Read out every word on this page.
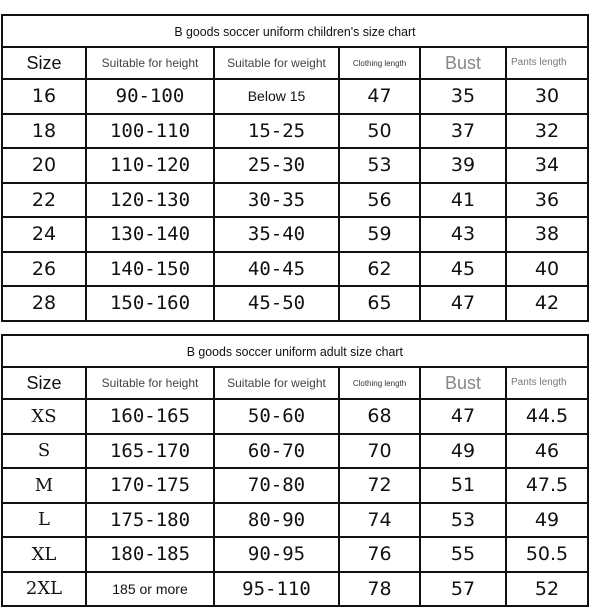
B goods soccer uniform children's size chart					
Size	Suitable for height	Suitable for weight	Clothing length	Bust	Pants length
16	90-100	Below 15	47	35	30
18	100-110	15-25	50	37	32
20	110-120	25-30	53	39	34
22	120-130	30-35	56	41	36
24	130-140	35-40	59	43	38
26	140-150	40-45	62	45	40
28	150-160	45-50	65	47	42
B goods soccer uniform adult size chart					
Size	Suitable for height	Suitable for weight	Clothing length	Bust	Pants length
XS	160-165	50-60	68	47	44.5
S	165-170	60-70	70	49	46
M	170-175	70-80	72	51	47.5
L	175-180	80-90	74	53	49
XL	180-185	90-95	76	55	50.5
2XL	185 or more	95-110	78	57	52
